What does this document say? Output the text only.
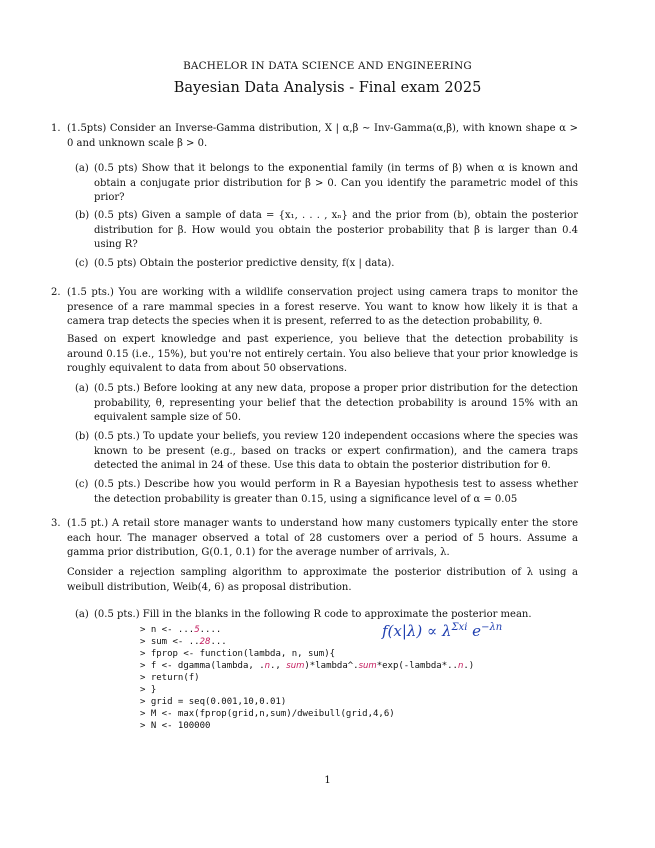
BACHELOR IN DATA SCIENCE AND ENGINEERING
Bayesian Data Analysis - Final exam 2025
1. (1.5pts) Consider an Inverse-Gamma distribution, X | α,β ∼ Inv-Gamma(α,β), with known shape α > 0 and unknown scale β > 0.
(a) (0.5 pts) Show that it belongs to the exponential family (in terms of β) when α is known and obtain a conjugate prior distribution for β > 0. Can you identify the parametric model of this prior?
(b) (0.5 pts) Given a sample of data = {x₁, . . . , xₙ} and the prior from (b), obtain the posterior distribution for β. How would you obtain the posterior probability that β is larger than 0.4 using R?
(c) (0.5 pts) Obtain the posterior predictive density, f(x | data).
2. (1.5 pts.) You are working with a wildlife conservation project using camera traps to monitor the presence of a rare mammal species in a forest reserve. You want to know how likely it is that a camera trap detects the species when it is present, referred to as the detection probability, θ.
Based on expert knowledge and past experience, you believe that the detection probability is around 0.15 (i.e., 15%), but you're not entirely certain. You also believe that your prior knowledge is roughly equivalent to data from about 50 observations.
(a) (0.5 pts.) Before looking at any new data, propose a proper prior distribution for the detection probability, θ, representing your belief that the detection probability is around 15% with an equivalent sample size of 50.
(b) (0.5 pts.) To update your beliefs, you review 120 independent occasions where the species was known to be present (e.g., based on tracks or expert confirmation), and the camera traps detected the animal in 24 of these. Use this data to obtain the posterior distribution for θ.
(c) (0.5 pts.) Describe how you would perform in R a Bayesian hypothesis test to assess whether the detection probability is greater than 0.15, using a significance level of α = 0.05
3. (1.5 pt.) A retail store manager wants to understand how many customers typically enter the store each hour. The manager observed a total of 28 customers over a period of 5 hours. Assume a gamma prior distribution, G(0.1, 0.1) for the average number of arrivals, λ.
Consider a rejection sampling algorithm to approximate the posterior distribution of λ using a weibull distribution, Weib(4, 6) as proposal distribution.
(a) (0.5 pts.) Fill in the blanks in the following R code to approximate the posterior mean.
> n <- ...5....
> sum <- ..28...
> fprop <- function(lambda, n, sum){
> f <- dgamma(lambda, .n., sum)*lambda^.sum*exp(-lambda*..n.)
> return(f)
> }
> grid = seq(0.001,10,0.01)
> M <- max(fprop(grid,n,sum)/dweibull(grid,4,6)
> N <- 100000
$f(x|\lambda) \propto \lambda^{\Sigma xi}$ $e^{-\lambda n}$
1
